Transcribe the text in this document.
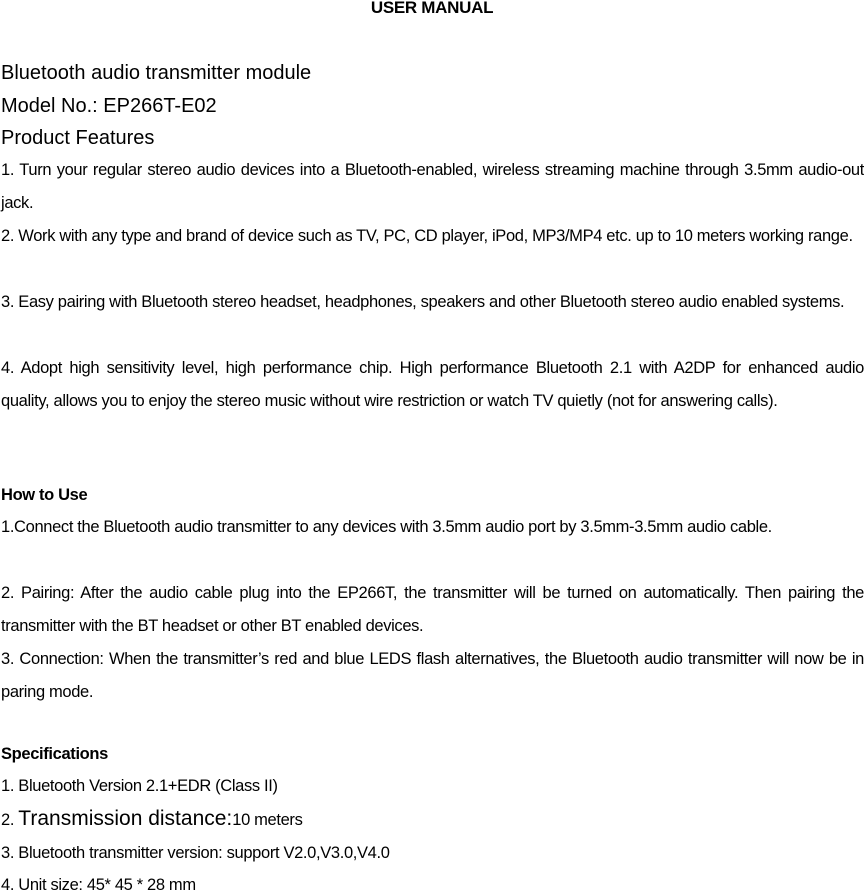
USER MANUAL
Bluetooth audio transmitter module
Model No.: EP266T-E02
Product Features
1. Turn your regular stereo audio devices into a Bluetooth-enabled, wireless streaming machine through 3.5mm audio-out jack.
2. Work with any type and brand of device such as TV, PC, CD player, iPod, MP3/MP4 etc. up to 10 meters working range.
3. Easy pairing with Bluetooth stereo headset, headphones, speakers and other Bluetooth stereo audio enabled systems.
4. Adopt high sensitivity level, high performance chip. High performance Bluetooth 2.1 with A2DP for enhanced audio quality, allows you to enjoy the stereo music without wire restriction or watch TV quietly (not for answering calls).
How to Use
1.Connect the Bluetooth audio transmitter to any devices with 3.5mm audio port by 3.5mm-3.5mm audio cable.
2. Pairing: After the audio cable plug into the EP266T, the transmitter will be turned on automatically. Then pairing the transmitter with the BT headset or other BT enabled devices.
3. Connection: When the transmitter’s red and blue LEDS flash alternatives, the Bluetooth audio transmitter will now be in paring mode.
Specifications
1. Bluetooth Version 2.1+EDR (Class II)
2. Transmission distance:10 meters
3. Bluetooth transmitter version: support V2.0,V3.0,V4.0
4. Unit size: 45* 45 * 28 mm
